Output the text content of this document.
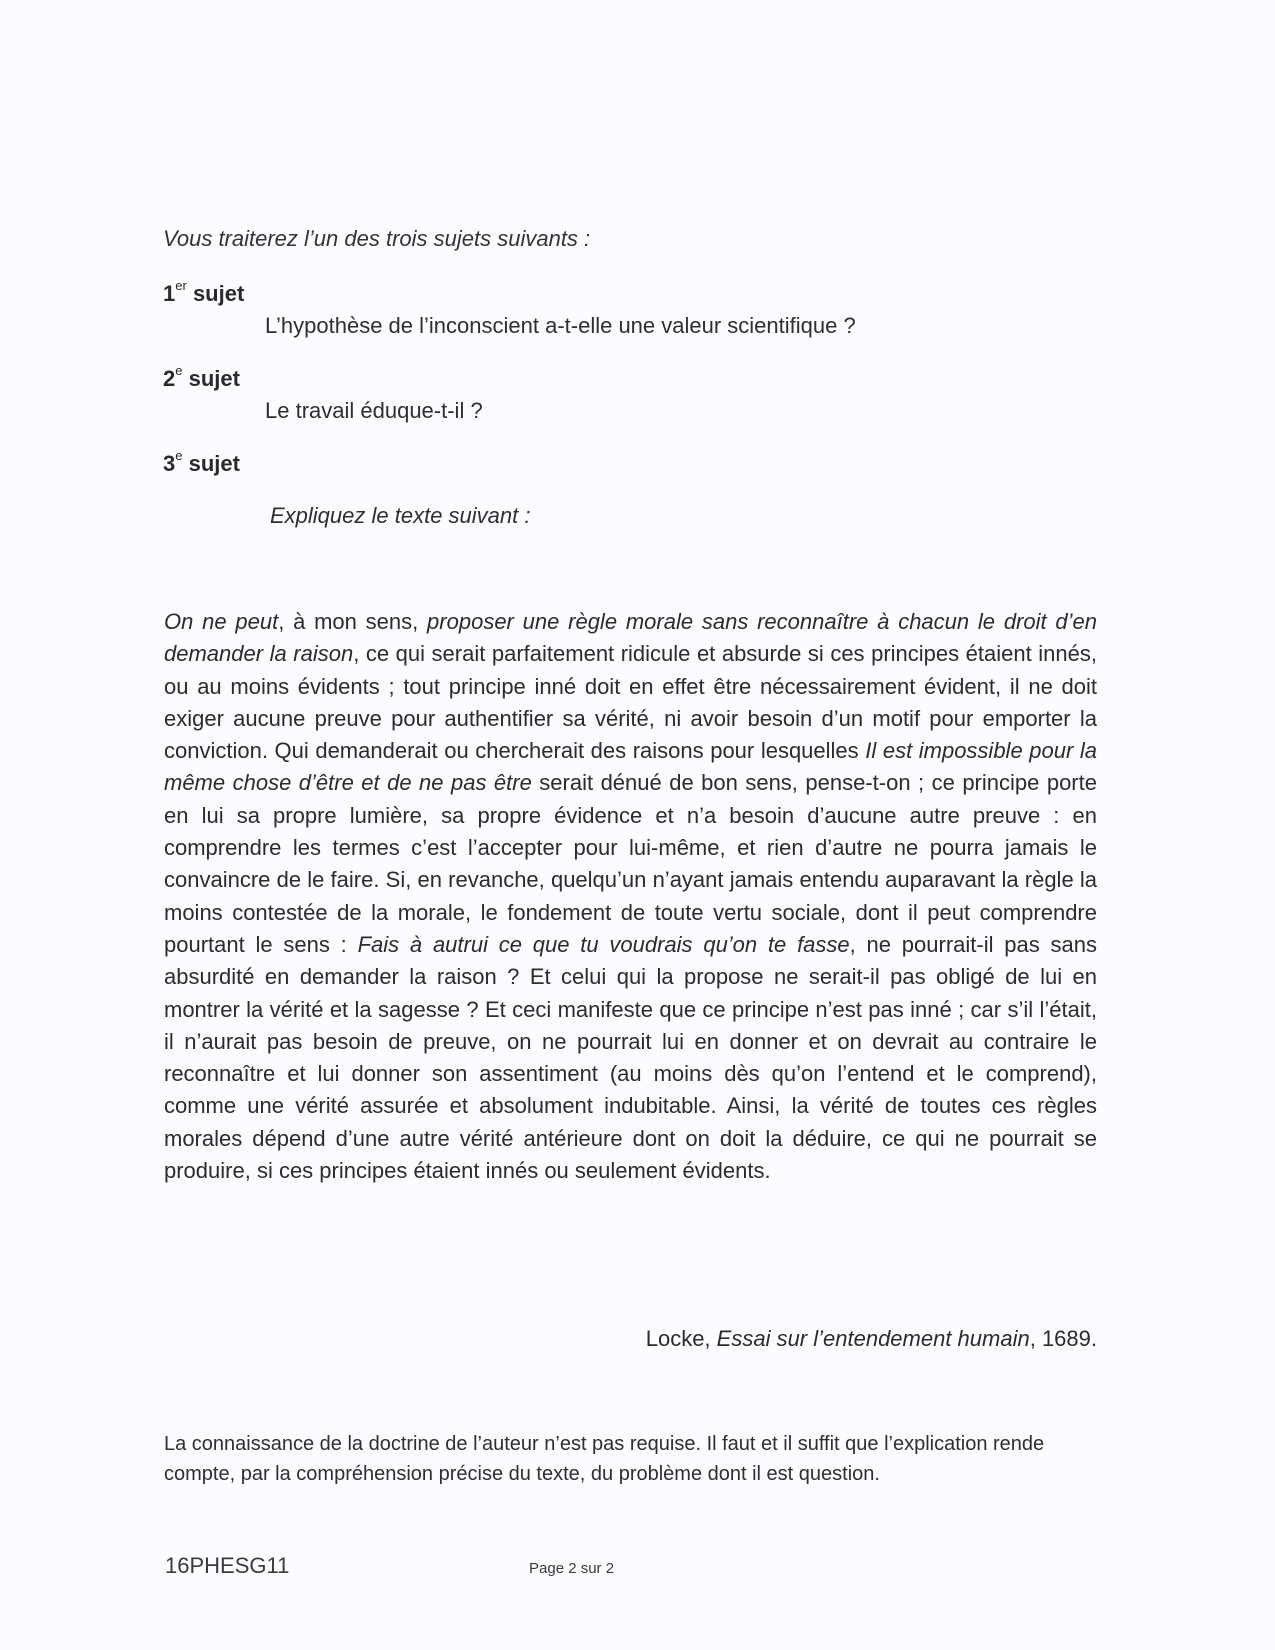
Vous traiterez l’un des trois sujets suivants :
1er sujet
L’hypothèse de l’inconscient a-t-elle une valeur scientifique ?
2e sujet
Le travail éduque-t-il ?
3e sujet
Expliquez le texte suivant :
On ne peut, à mon sens, proposer une règle morale sans reconnaître à chacun le droit d’en demander la raison, ce qui serait parfaitement ridicule et absurde si ces principes étaient innés, ou au moins évidents ; tout principe inné doit en effet être nécessairement évident, il ne doit exiger aucune preuve pour authentifier sa vérité, ni avoir besoin d’un motif pour emporter la conviction. Qui demanderait ou chercherait des raisons pour lesquelles Il est impossible pour la même chose d’être et de ne pas être serait dénué de bon sens, pense-t-on ; ce principe porte en lui sa propre lumière, sa propre évidence et n’a besoin d’aucune autre preuve : en comprendre les termes c’est l’accepter pour lui-même, et rien d’autre ne pourra jamais le convaincre de le faire. Si, en revanche, quelqu’un n’ayant jamais entendu auparavant la règle la moins contestée de la morale, le fondement de toute vertu sociale, dont il peut comprendre pourtant le sens : Fais à autrui ce que tu voudrais qu’on te fasse, ne pourrait-il pas sans absurdité en demander la raison ? Et celui qui la propose ne serait-il pas obligé de lui en montrer la vérité et la sagesse ? Et ceci manifeste que ce principe n’est pas inné ; car s’il l’était, il n’aurait pas besoin de preuve, on ne pourrait lui en donner et on devrait au contraire le reconnaître et lui donner son assentiment (au moins dès qu’on l’entend et le comprend), comme une vérité assurée et absolument indubitable. Ainsi, la vérité de toutes ces règles morales dépend d’une autre vérité antérieure dont on doit la déduire, ce qui ne pourrait se produire, si ces principes étaient innés ou seulement évidents.
Locke, Essai sur l’entendement humain, 1689.
La connaissance de la doctrine de l’auteur n’est pas requise. Il faut et il suffit que l’explication rende compte, par la compréhension précise du texte, du problème dont il est question.
16PHESG11	Page 2 sur 2
